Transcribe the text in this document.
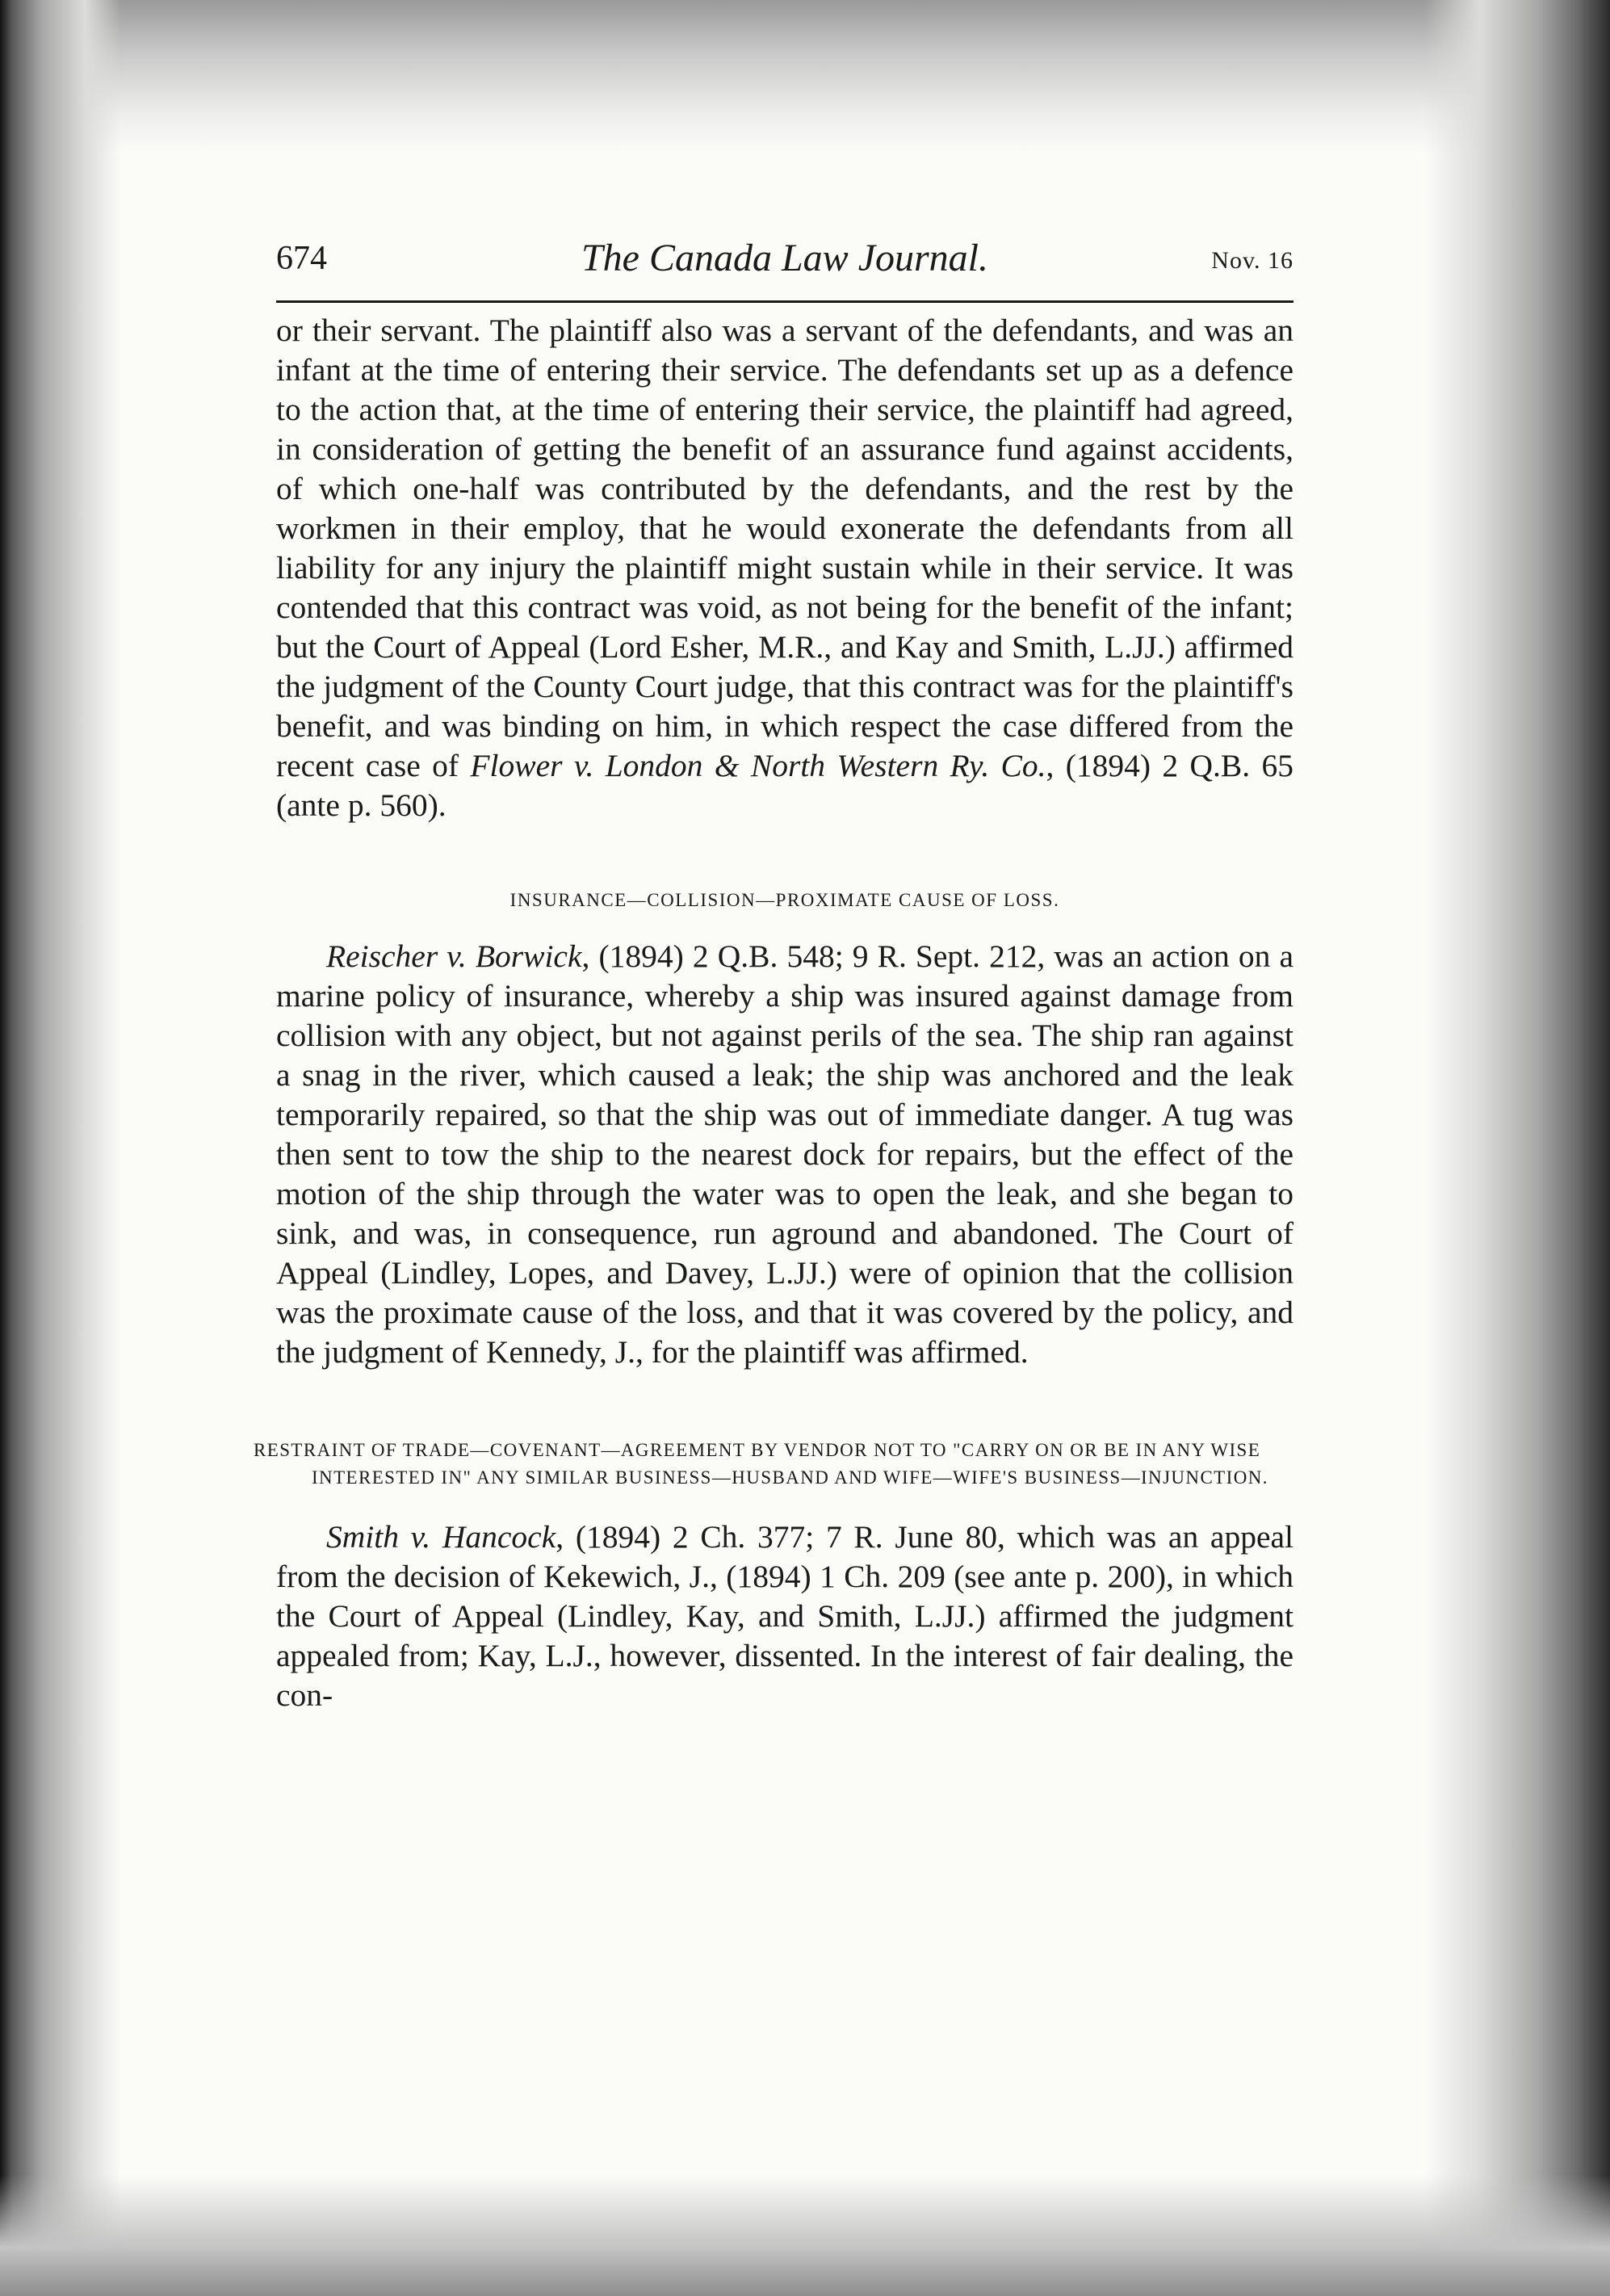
674	The Canada Law Journal.	Nov. 16

or their servant. The plaintiff also was a servant of the defendants, and was an infant at the time of entering their service. The defendants set up as a defence to the action that, at the time of entering their service, the plaintiff had agreed, in consideration of getting the benefit of an assurance fund against accidents, of which one-half was contributed by the defendants, and the rest by the workmen in their employ, that he would exonerate the defendants from all liability for any injury the plaintiff might sustain while in their service. It was contended that this contract was void, as not being for the benefit of the infant; but the Court of Appeal (Lord Esher, M.R., and Kay and Smith, L.JJ.) affirmed the judgment of the County Court judge, that this contract was for the plaintiff's benefit, and was binding on him, in which respect the case differed from the recent case of Flower v. London & North Western Ry. Co., (1894) 2 Q.B. 65 (ante p. 560).

INSURANCE—COLLISION—PROXIMATE CAUSE OF LOSS.

Reischer v. Borwick, (1894) 2 Q.B. 548; 9 R. Sept. 212, was an action on a marine policy of insurance, whereby a ship was insured against damage from collision with any object, but not against perils of the sea. The ship ran against a snag in the river, which caused a leak; the ship was anchored and the leak temporarily repaired, so that the ship was out of immediate danger. A tug was then sent to tow the ship to the nearest dock for repairs, but the effect of the motion of the ship through the water was to open the leak, and she began to sink, and was, in consequence, run aground and abandoned. The Court of Appeal (Lindley, Lopes, and Davey, L.JJ.) were of opinion that the collision was the proximate cause of the loss, and that it was covered by the policy, and the judgment of Kennedy, J., for the plaintiff was affirmed.

RESTRAINT OF TRADE—COVENANT—AGREEMENT BY VENDOR NOT TO "CARRY ON OR BE IN ANY WISE INTERESTED IN" ANY SIMILAR BUSINESS—HUSBAND AND WIFE—WIFE'S BUSINESS—INJUNCTION.

Smith v. Hancock, (1894) 2 Ch. 377; 7 R. June 80, which was an appeal from the decision of Kekewich, J., (1894) 1 Ch. 209 (see ante p. 200), in which the Court of Appeal (Lindley, Kay, and Smith, L.JJ.) affirmed the judgment appealed from; Kay, L.J., however, dissented. In the interest of fair dealing, the con-
